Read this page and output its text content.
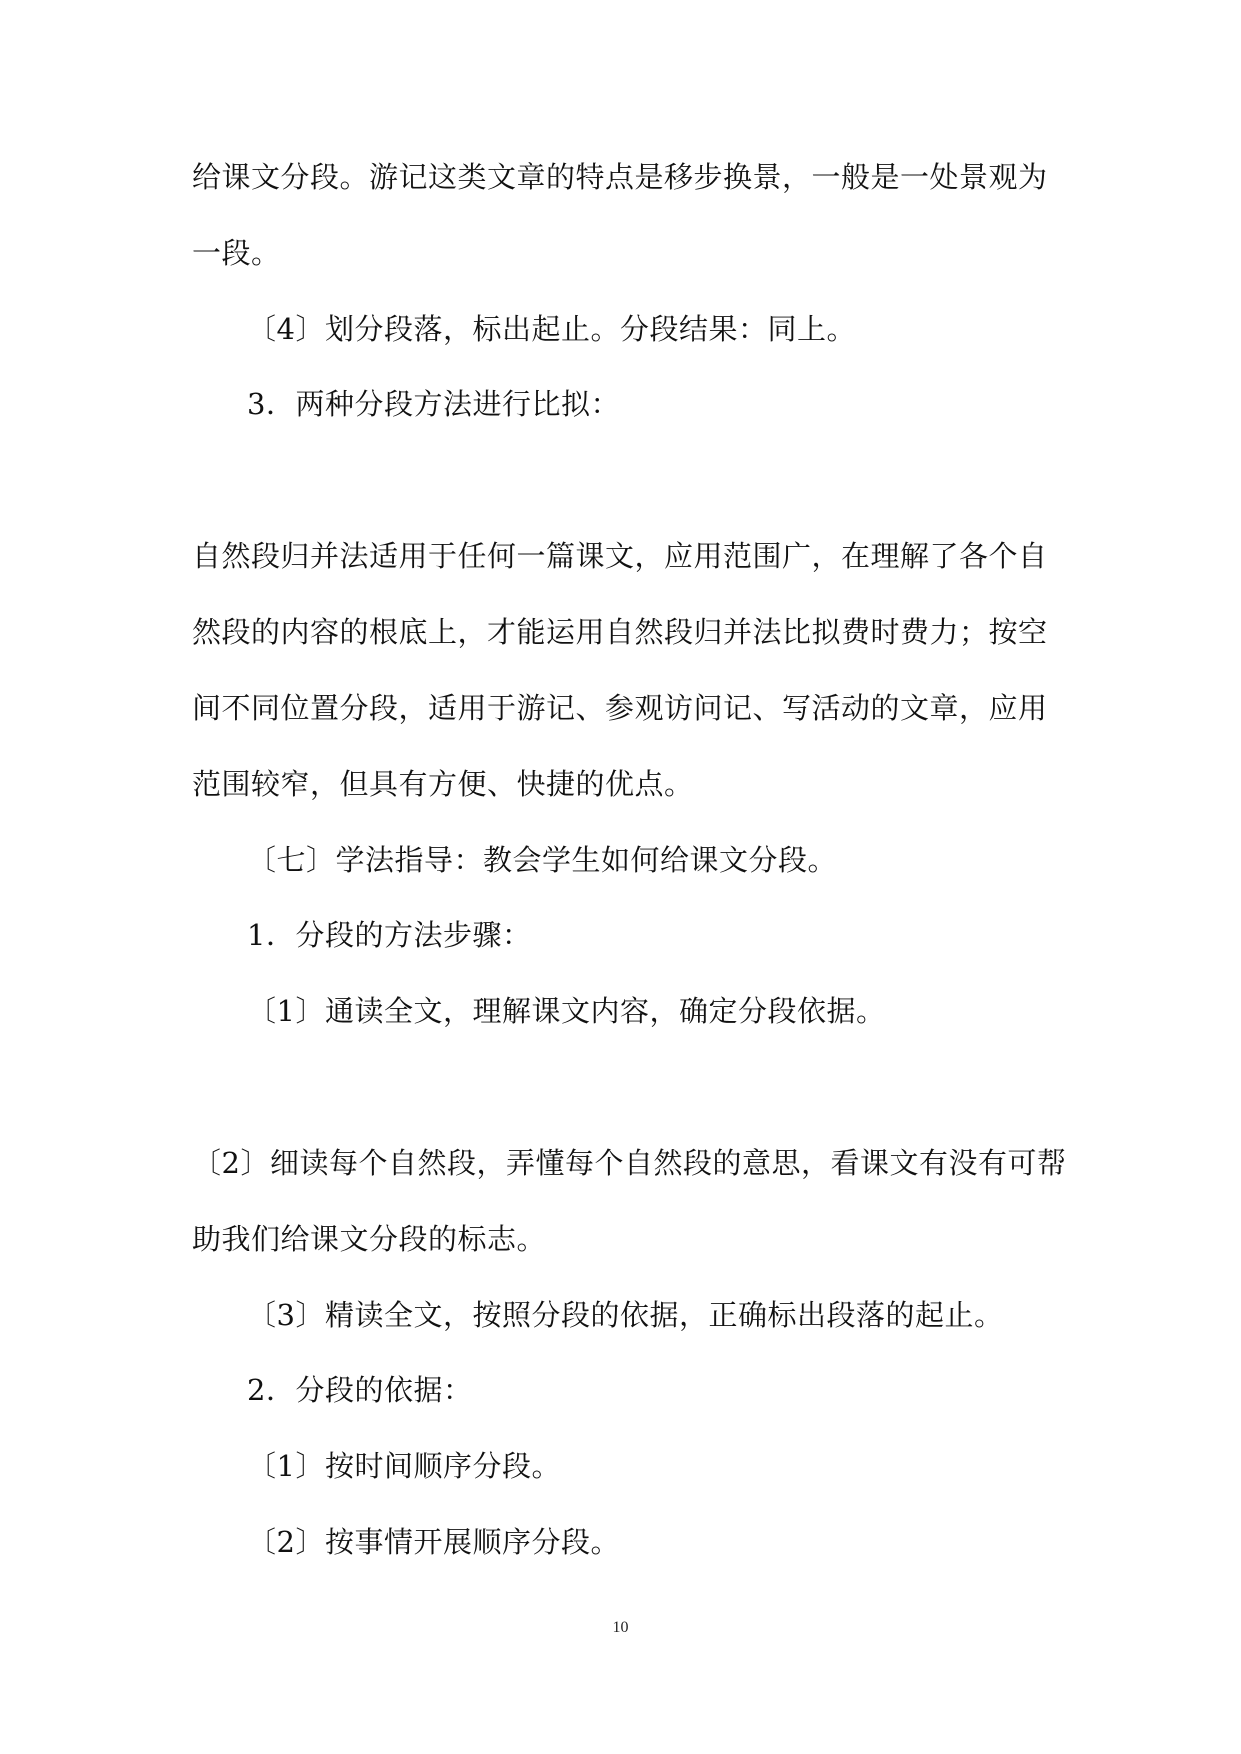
给课文分段。游记这类文章的特点是移步换景，一般是一处景观为
一段。
〔4〕划分段落，标出起止。分段结果：同上。
3．两种分段方法进行比拟：
自然段归并法适用于任何一篇课文，应用范围广，在理解了各个自
然段的内容的根底上，才能运用自然段归并法比拟费时费力；按空
间不同位置分段，适用于游记、参观访问记、写活动的文章，应用
范围较窄，但具有方便、快捷的优点。
〔七〕学法指导：教会学生如何给课文分段。
1．分段的方法步骤：
〔1〕通读全文，理解课文内容，确定分段依据。
〔2〕细读每个自然段，弄懂每个自然段的意思，看课文有没有可帮
助我们给课文分段的标志。
〔3〕精读全文，按照分段的依据，正确标出段落的起止。
2．分段的依据：
〔1〕按时间顺序分段。
〔2〕按事情开展顺序分段。
10
